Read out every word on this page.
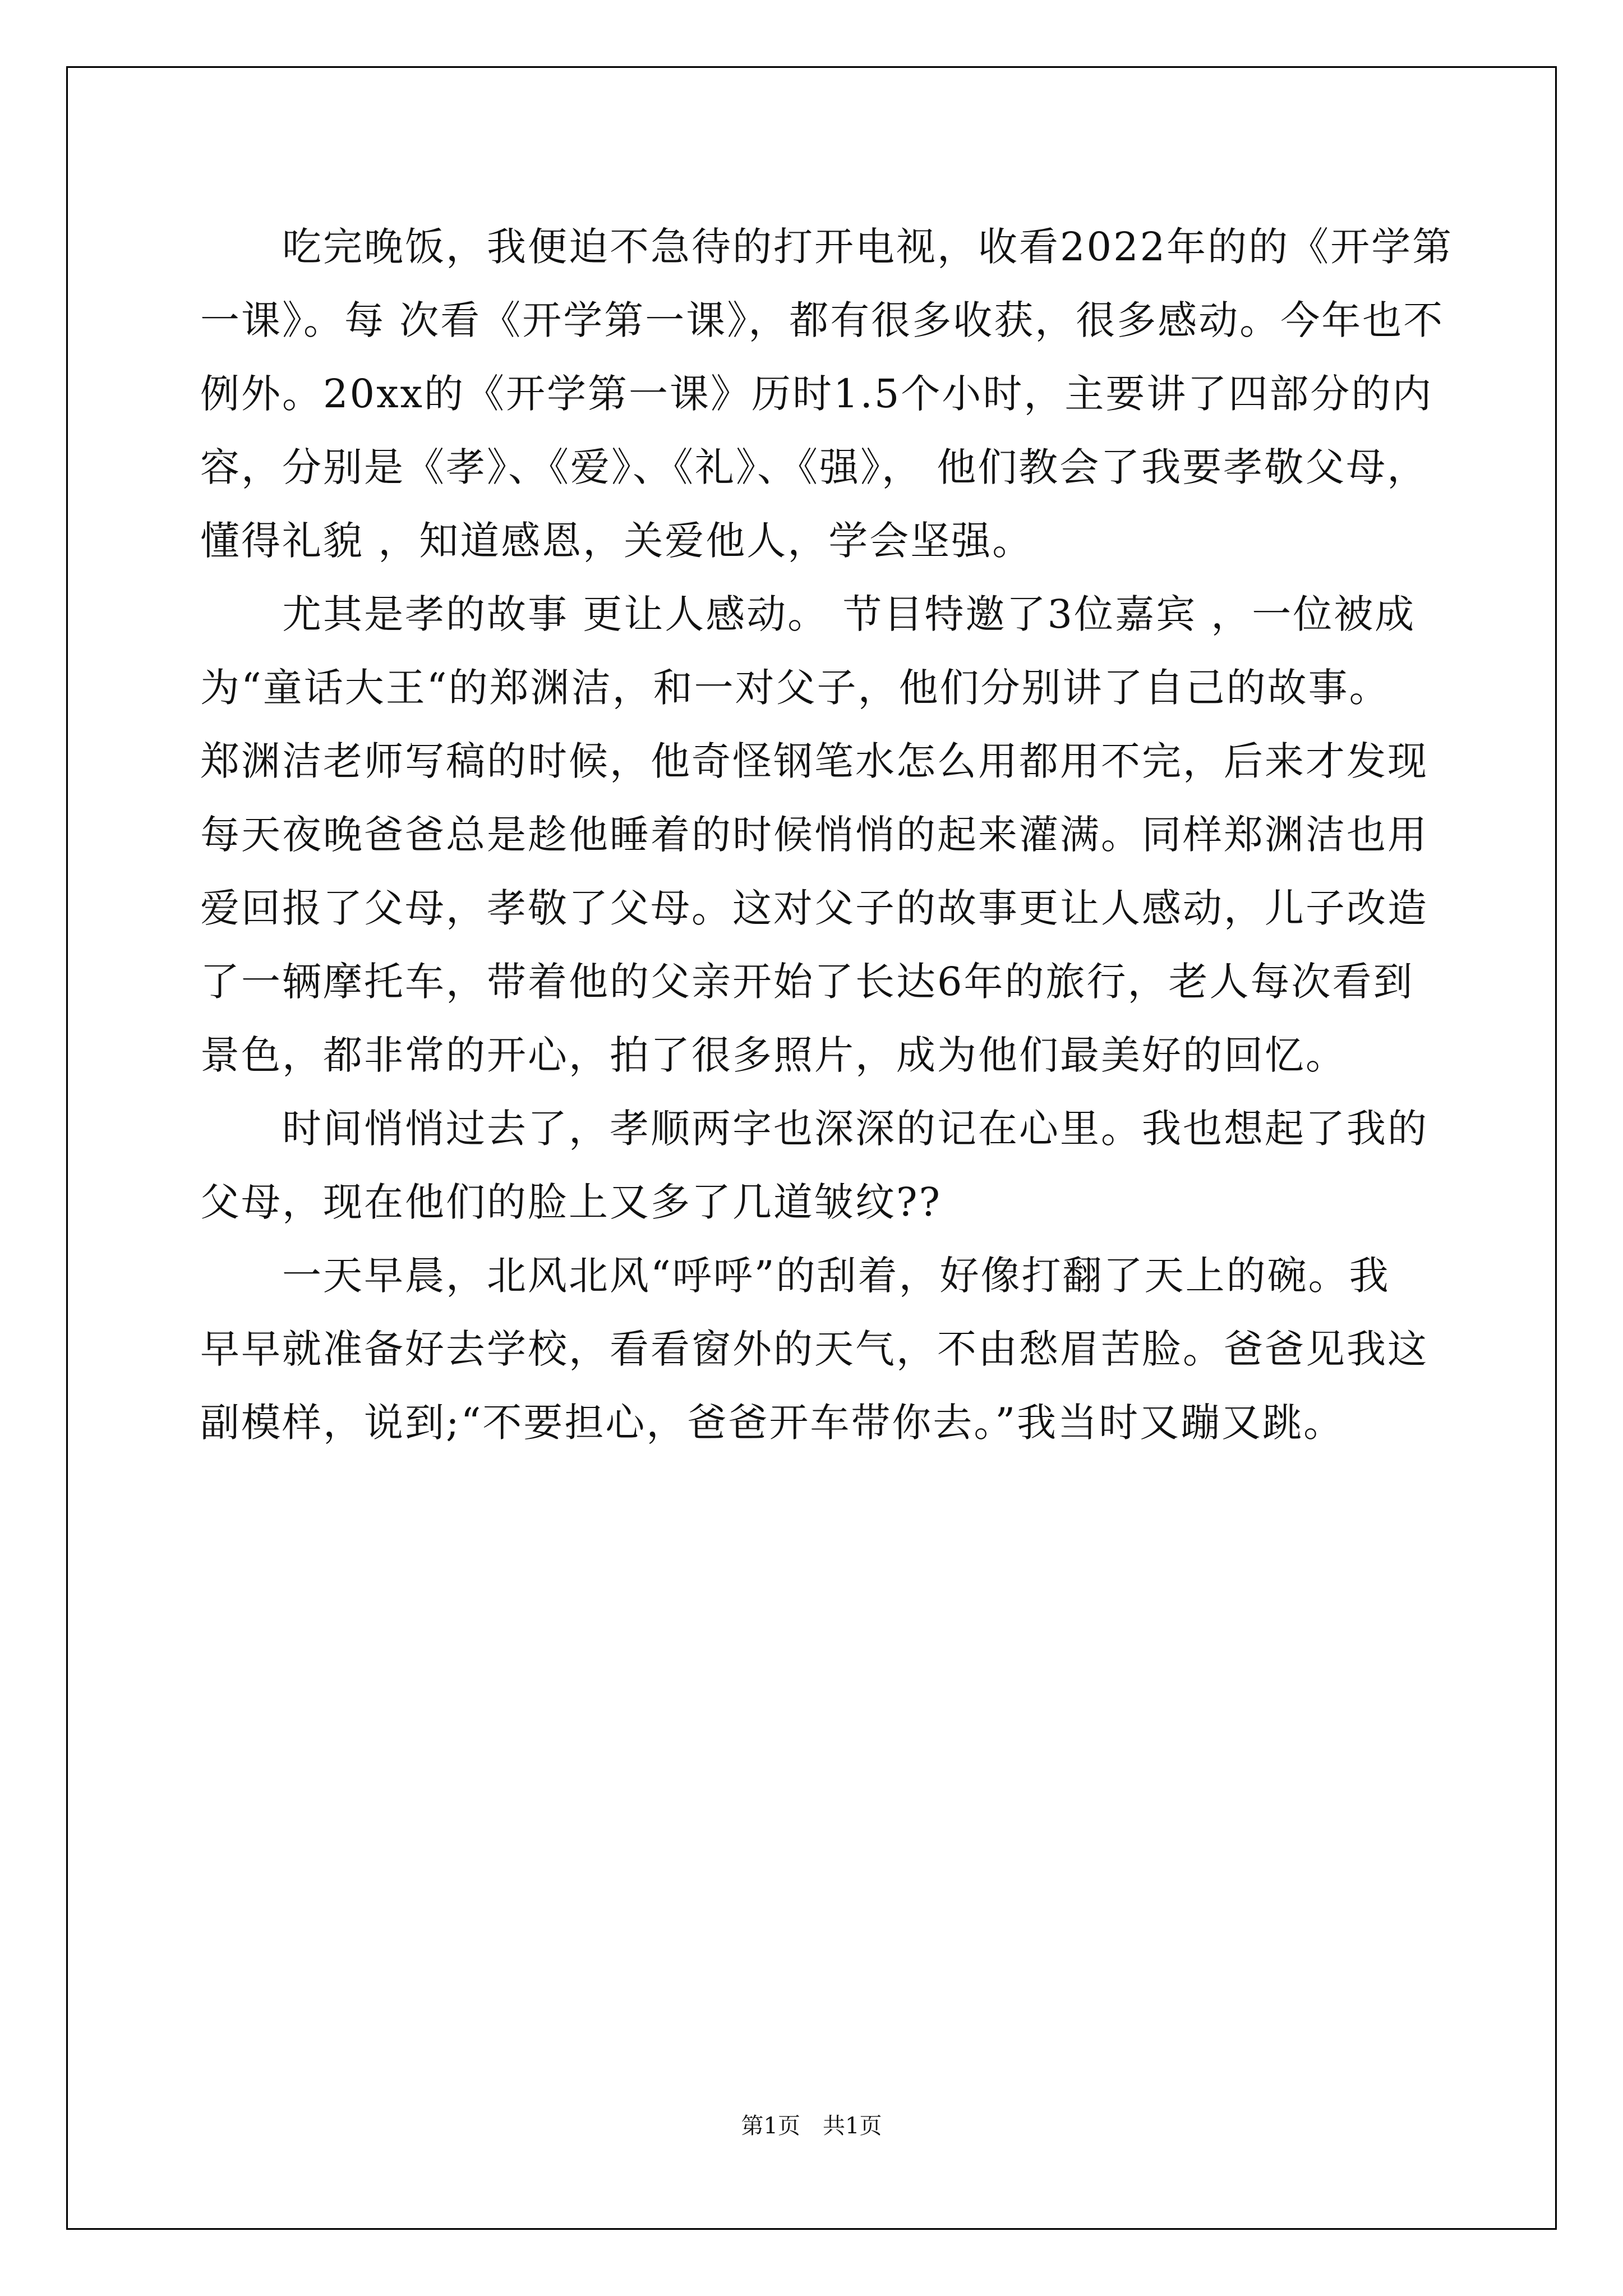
　　吃完晚饭，我便迫不急待的打开电视，收看2022年的的《开学第
一课》。每 次看《开学第一课》，都有很多收获，很多感动。今年也不
例外。20xx的《开学第一课》历时1.5个小时，主要讲了四部分的内
容，分别是《孝》、《爱》、《礼》、《强》， 他们教会了我要孝敬父母，
懂得礼貌 ，知道感恩，关爱他人，学会坚强。
　　尤其是孝的故事 更让人感动。 节目特邀了3位嘉宾 ，一位被成
为“童话大王“的郑渊洁，和一对父子，他们分别讲了自己的故事。
郑渊洁老师写稿的时候，他奇怪钢笔水怎么用都用不完，后来才发现
每天夜晚爸爸总是趁他睡着的时候悄悄的起来灌满。同样郑渊洁也用
爱回报了父母，孝敬了父母。这对父子的故事更让人感动，儿子改造
了一辆摩托车，带着他的父亲开始了长达6年的旅行，老人每次看到
景色，都非常的开心，拍了很多照片，成为他们最美好的回忆。
　　时间悄悄过去了，孝顺两字也深深的记在心里。我也想起了我的
父母，现在他们的脸上又多了几道皱纹??
　　一天早晨，北风北风“呼呼”的刮着，好像打翻了天上的碗。我
早早就准备好去学校，看看窗外的天气，不由愁眉苦脸。爸爸见我这
副模样，说到;“不要担心，爸爸开车带你去。”我当时又蹦又跳。
第1页　共1页
